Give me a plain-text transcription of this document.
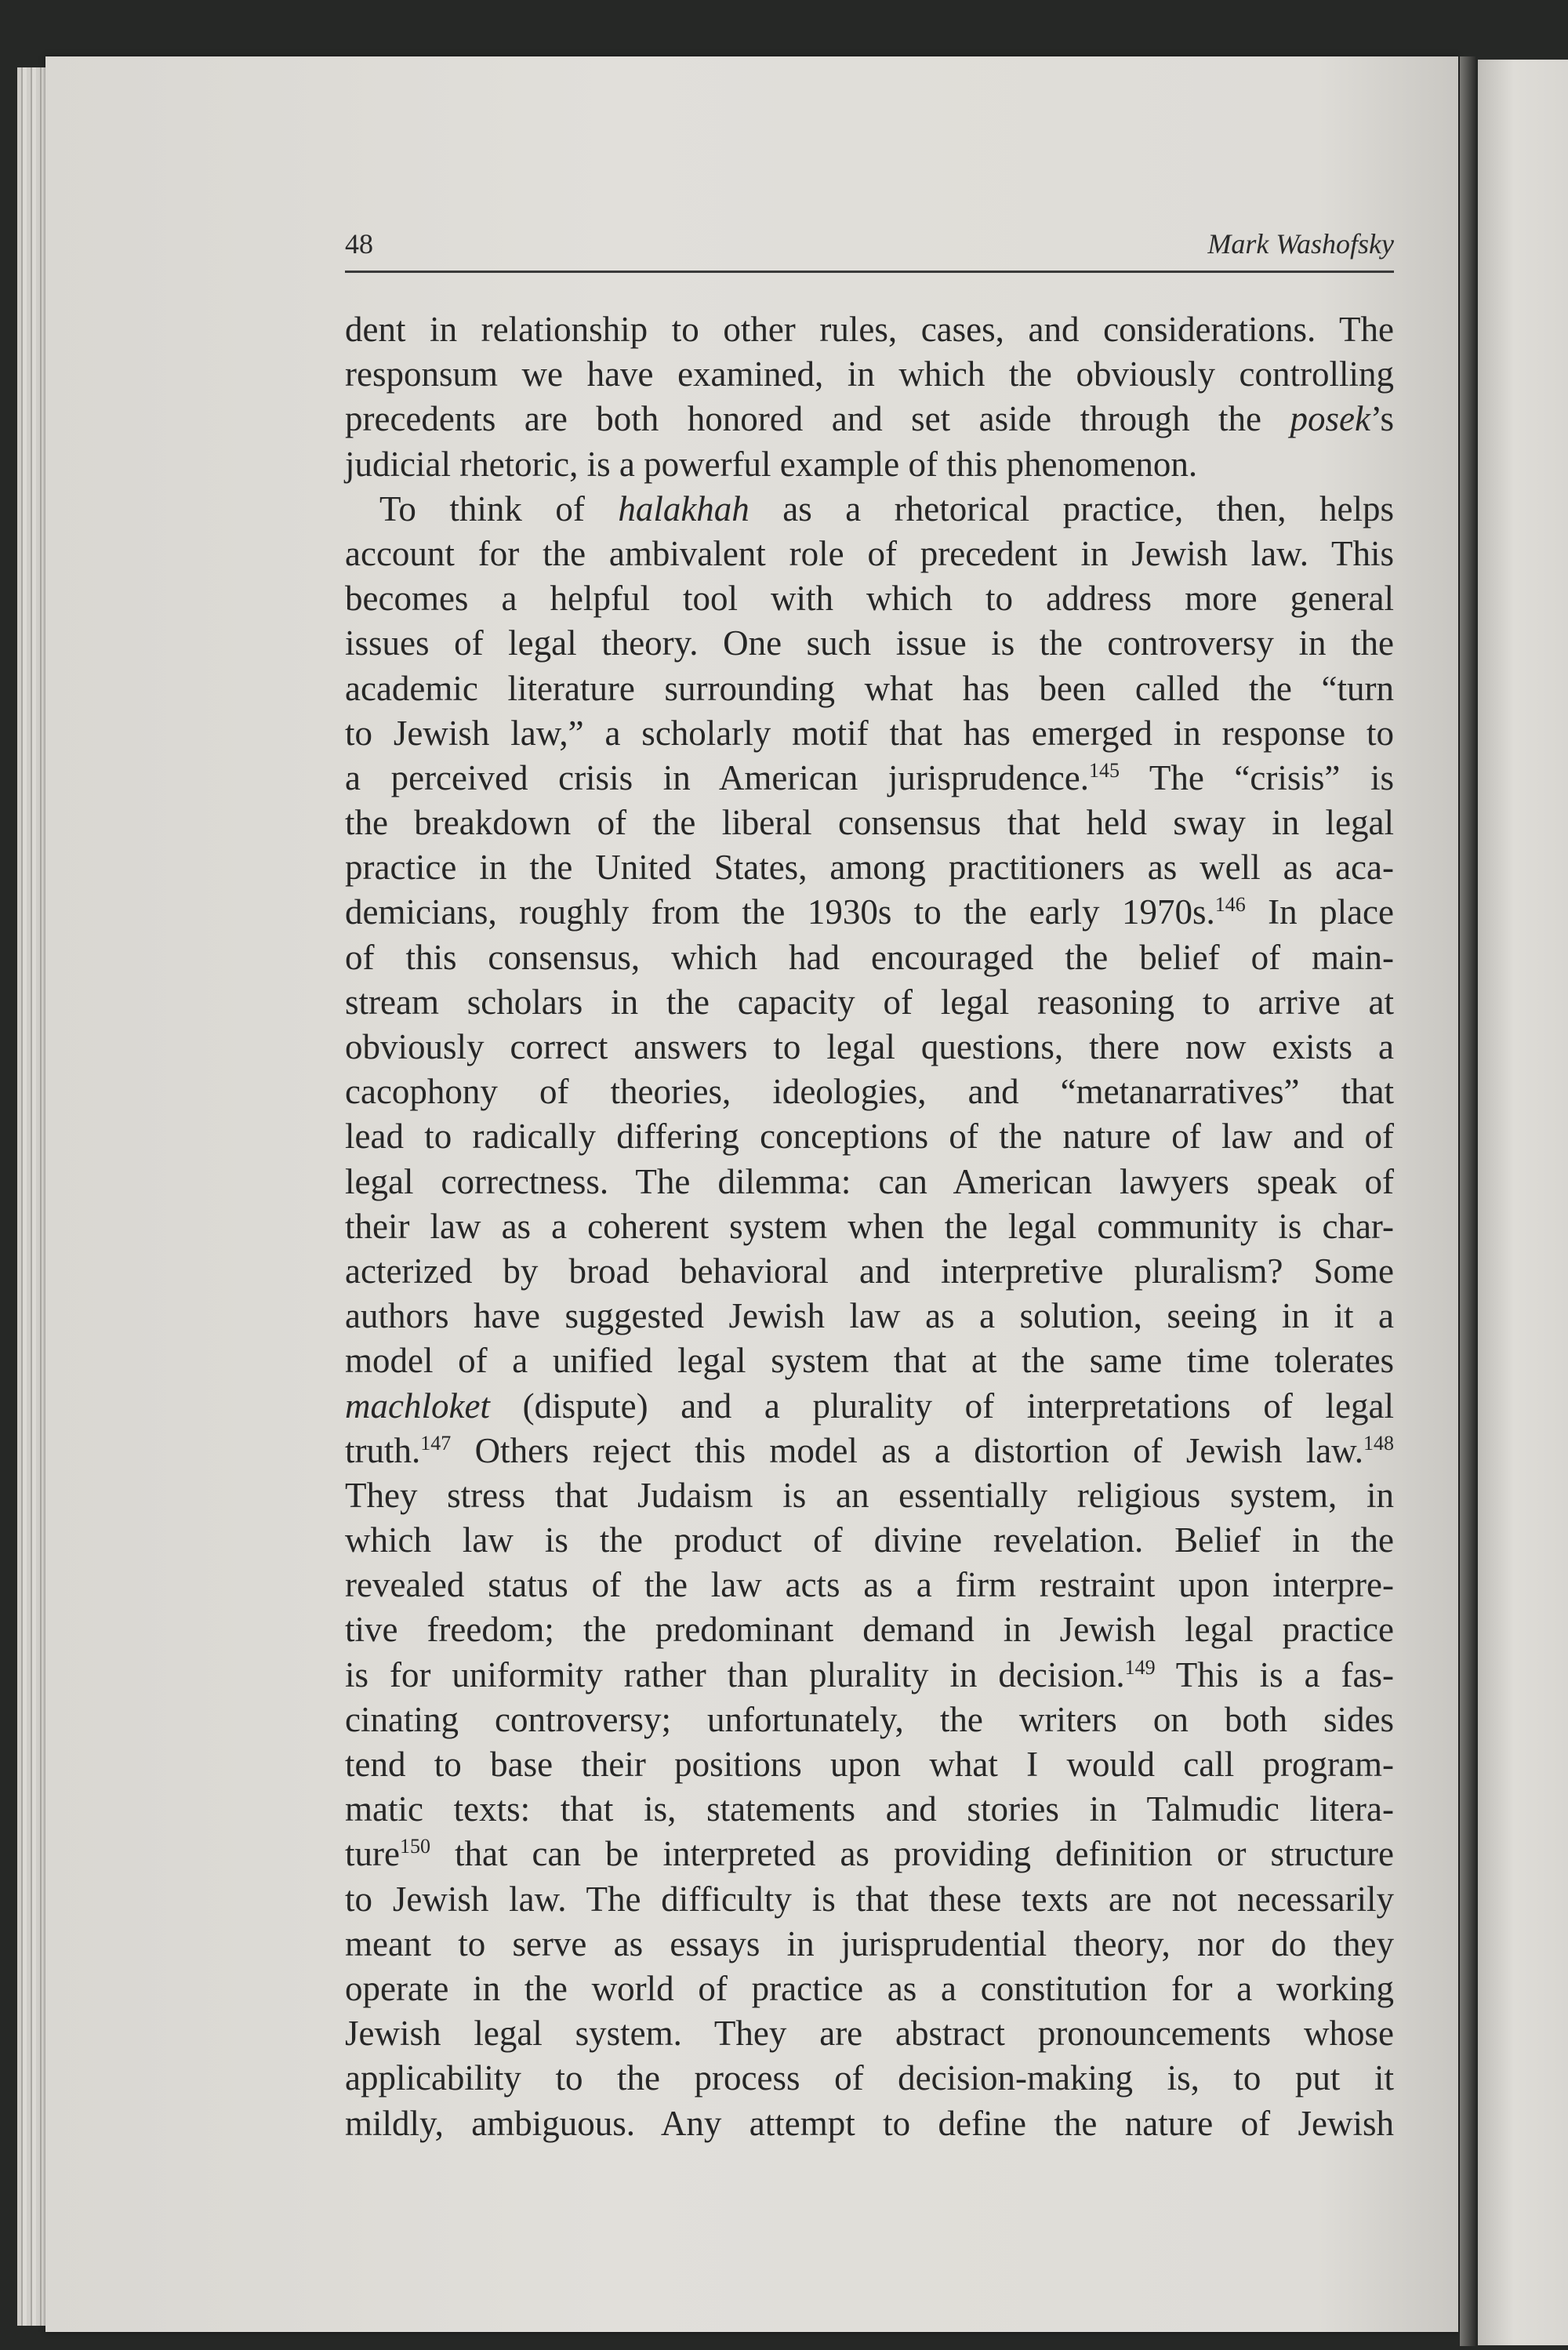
48	Mark Washofsky
dent in relationship to other rules, cases, and considerations. The
responsum we have examined, in which the obviously controlling
precedents are both honored and set aside through the posek’s
judicial rhetoric, is a powerful example of this phenomenon.
To think of halakhah as a rhetorical practice, then, helps
account for the ambivalent role of precedent in Jewish law. This
becomes a helpful tool with which to address more general
issues of legal theory. One such issue is the controversy in the
academic literature surrounding what has been called the “turn
to Jewish law,” a scholarly motif that has emerged in response to
a perceived crisis in American jurisprudence.$^{145}$ The “crisis” is
the breakdown of the liberal consensus that held sway in legal
practice in the United States, among practitioners as well as aca-
demicians, roughly from the 1930s to the early 1970s.$^{146}$ In place
of this consensus, which had encouraged the belief of main-
stream scholars in the capacity of legal reasoning to arrive at
obviously correct answers to legal questions, there now exists a
cacophony of theories, ideologies, and “metanarratives” that
lead to radically differing conceptions of the nature of law and of
legal correctness. The dilemma: can American lawyers speak of
their law as a coherent system when the legal community is char-
acterized by broad behavioral and interpretive pluralism? Some
authors have suggested Jewish law as a solution, seeing in it a
model of a unified legal system that at the same time tolerates
machloket (dispute) and a plurality of interpretations of legal
truth.$^{147}$ Others reject this model as a distortion of Jewish law.$^{148}$
They stress that Judaism is an essentially religious system, in
which law is the product of divine revelation. Belief in the
revealed status of the law acts as a firm restraint upon interpre-
tive freedom; the predominant demand in Jewish legal practice
is for uniformity rather than plurality in decision.$^{149}$ This is a fas-
cinating controversy; unfortunately, the writers on both sides
tend to base their positions upon what I would call program-
matic texts: that is, statements and stories in Talmudic litera-
ture$^{150}$ that can be interpreted as providing definition or structure
to Jewish law. The difficulty is that these texts are not necessarily
meant to serve as essays in jurisprudential theory, nor do they
operate in the world of practice as a constitution for a working
Jewish legal system. They are abstract pronouncements whose
applicability to the process of decision-making is, to put it
mildly, ambiguous. Any attempt to define the nature of Jewish
